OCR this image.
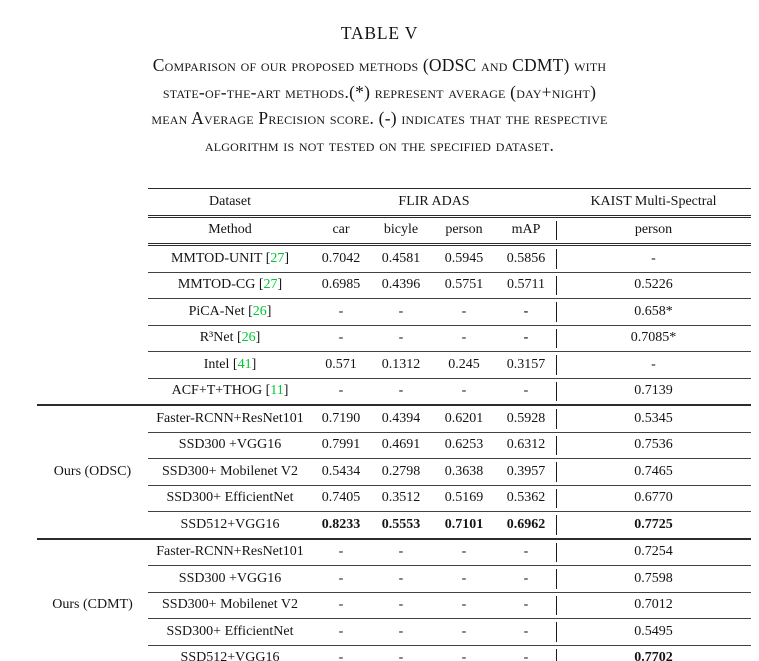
TABLE V
Comparison of our proposed methods (ODSC and CDMT) with
state-of-the-art methods.(*) represent average (day+night)
mean Average Precision score. (-) indicates that the respective
algorithm is not tested on the specified dataset.
	Dataset	FLIR ADAS				KAIST Multi-Spectral
	Method	car	bicyle	person	mAP	person
	MMTOD-UNIT [ 27 ]	0.7042	0.4581	0.5945	0.5856	-
	MMTOD-CG [ 27 ]	0.6985	0.4396	0.5751	0.5711	0.5226
	PiCA-Net [ 26 ]	-	-	-	-	0.658*
	R³Net [ 26 ]	-	-	-	-	0.7085*
	Intel [ 41 ]	0.571	0.1312	0.245	0.3157	-
	ACF+T+THOG [ 11 ]	-	-	-	-	0.7139
	Faster-RCNN+ResNet101	0.7190	0.4394	0.6201	0.5928	0.5345
	SSD300 +VGG16	0.7991	0.4691	0.6253	0.6312	0.7536
Ours (ODSC)	SSD300+ Mobilenet V2	0.5434	0.2798	0.3638	0.3957	0.7465
	SSD300+ EfficientNet	0.7405	0.3512	0.5169	0.5362	0.6770
	SSD512+VGG16	0.8233	0.5553	0.7101	0.6962	0.7725
	Faster-RCNN+ResNet101	-	-	-	-	0.7254
	SSD300 +VGG16	-	-	-	-	0.7598
Ours (CDMT)	SSD300+ Mobilenet V2	-	-	-	-	0.7012
	SSD300+ EfficientNet	-	-	-	-	0.5495
	SSD512+VGG16	-	-	-	-	0.7702
